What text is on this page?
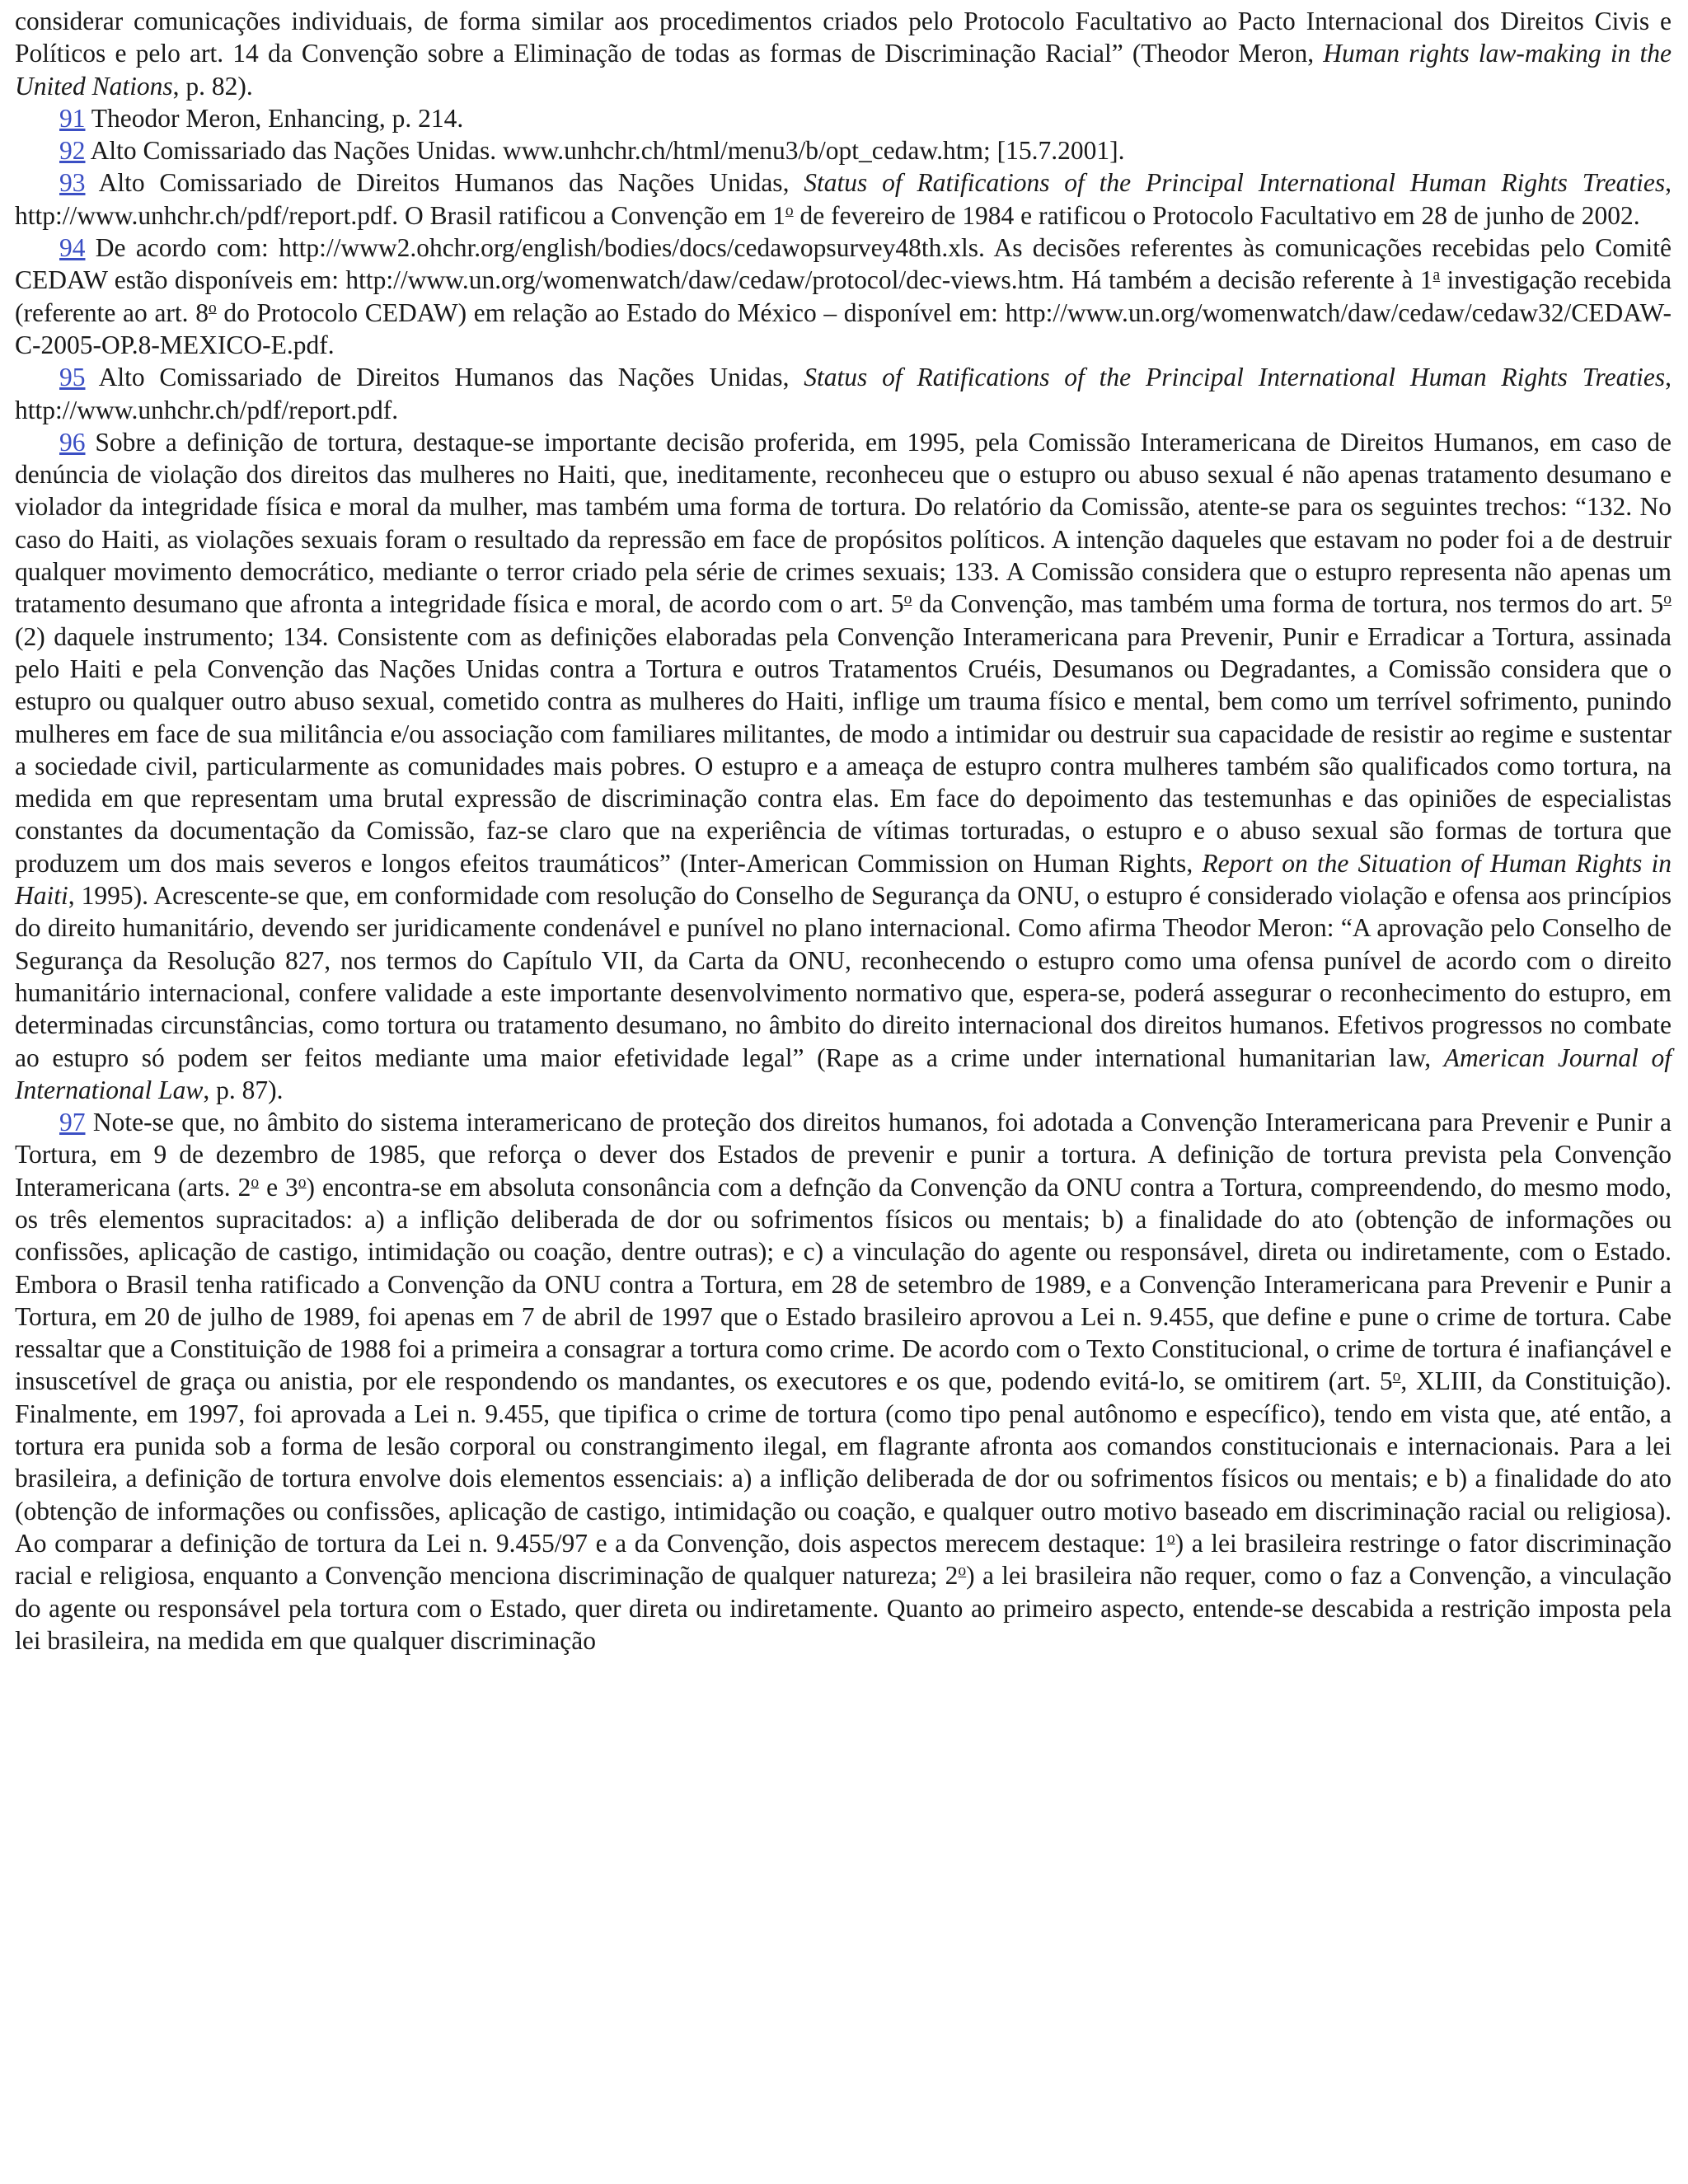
considerar comunicações individuais, de forma similar aos procedimentos criados pelo Protocolo Facultativo ao Pacto Internacional dos Direitos Civis e Políticos e pelo art. 14 da Convenção sobre a Eliminação de todas as formas de Discriminação Racial” (Theodor Meron, Human rights law-making in the United Nations, p. 82).

91 Theodor Meron, Enhancing, p. 214.

92 Alto Comissariado das Nações Unidas. www.unhchr.ch/html/menu3/b/opt_cedaw.htm; [15.7.2001].

93 Alto Comissariado de Direitos Humanos das Nações Unidas, Status of Ratifications of the Principal International Human Rights Treaties, http://www.unhchr.ch/pdf/report.pdf. O Brasil ratificou a Convenção em 1$^o$ de fevereiro de 1984 e ratificou o Protocolo Facultativo em 28 de junho de 2002.

94 De acordo com: http://www2.ohchr.org/english/bodies/docs/cedawopsurvey48th.xls. As decisões referentes às comunicações recebidas pelo Comitê CEDAW estão disponíveis em: http://www.un.org/womenwatch/daw/cedaw/protocol/dec-views.htm. Há também a decisão referente à 1$^a$ investigação recebida (referente ao art. 8$^o$ do Protocolo CEDAW) em relação ao Estado do México – disponível em: http://www.un.org/womenwatch/daw/cedaw/cedaw32/CEDAW-C-2005-OP.8-MEXICO-E.pdf.

95 Alto Comissariado de Direitos Humanos das Nações Unidas, Status of Ratifications of the Principal International Human Rights Treaties, http://www.unhchr.ch/pdf/report.pdf.

96 Sobre a definição de tortura, destaque-se importante decisão proferida, em 1995, pela Comissão Interamericana de Direitos Humanos, em caso de denúncia de violação dos direitos das mulheres no Haiti, que, ineditamente, reconheceu que o estupro ou abuso sexual é não apenas tratamento desumano e violador da integridade física e moral da mulher, mas também uma forma de tortura. Do relatório da Comissão, atente-se para os seguintes trechos: “132. No caso do Haiti, as violações sexuais foram o resultado da repressão em face de propósitos políticos. A intenção daqueles que estavam no poder foi a de destruir qualquer movimento democrático, mediante o terror criado pela série de crimes sexuais; 133. A Comissão considera que o estupro representa não apenas um tratamento desumano que afronta a integridade física e moral, de acordo com o art. 5$^o$ da Convenção, mas também uma forma de tortura, nos termos do art. 5$^o$ (2) daquele instrumento; 134. Consistente com as definições elaboradas pela Convenção Interamericana para Prevenir, Punir e Erradicar a Tortura, assinada pelo Haiti e pela Convenção das Nações Unidas contra a Tortura e outros Tratamentos Cruéis, Desumanos ou Degradantes, a Comissão considera que o estupro ou qualquer outro abuso sexual, cometido contra as mulheres do Haiti, inflige um trauma físico e mental, bem como um terrível sofrimento, punindo mulheres em face de sua militância e/ou associação com familiares militantes, de modo a intimidar ou destruir sua capacidade de resistir ao regime e sustentar a sociedade civil, particularmente as comunidades mais pobres. O estupro e a ameaça de estupro contra mulheres também são qualificados como tortura, na medida em que representam uma brutal expressão de discriminação contra elas. Em face do depoimento das testemunhas e das opiniões de especialistas constantes da documentação da Comissão, faz-se claro que na experiência de vítimas torturadas, o estupro e o abuso sexual são formas de tortura que produzem um dos mais severos e longos efeitos traumáticos” (Inter-American Commission on Human Rights, Report on the Situation of Human Rights in Haiti, 1995). Acrescente-se que, em conformidade com resolução do Conselho de Segurança da ONU, o estupro é considerado violação e ofensa aos princípios do direito humanitário, devendo ser juridicamente condenável e punível no plano internacional. Como afirma Theodor Meron: “A aprovação pelo Conselho de Segurança da Resolução 827, nos termos do Capítulo VII, da Carta da ONU, reconhecendo o estupro como uma ofensa punível de acordo com o direito humanitário internacional, confere validade a este importante desenvolvimento normativo que, espera-se, poderá assegurar o reconhecimento do estupro, em determinadas circunstâncias, como tortura ou tratamento desumano, no âmbito do direito internacional dos direitos humanos. Efetivos progressos no combate ao estupro só podem ser feitos mediante uma maior efetividade legal” (Rape as a crime under international humanitarian law, American Journal of International Law, p. 87).

97 Note-se que, no âmbito do sistema interamericano de proteção dos direitos humanos, foi adotada a Convenção Interamericana para Prevenir e Punir a Tortura, em 9 de dezembro de 1985, que reforça o dever dos Estados de prevenir e punir a tortura. A definição de tortura prevista pela Convenção Interamericana (arts. 2$^o$ e 3$^o$) encontra-se em absoluta consonância com a defnção da Convenção da ONU contra a Tortura, compreendendo, do mesmo modo, os três elementos supracitados: a) a inflição deliberada de dor ou sofrimentos físicos ou mentais; b) a finalidade do ato (obtenção de informações ou confissões, aplicação de castigo, intimidação ou coação, dentre outras); e c) a vinculação do agente ou responsável, direta ou indiretamente, com o Estado. Embora o Brasil tenha ratificado a Convenção da ONU contra a Tortura, em 28 de setembro de 1989, e a Convenção Interamericana para Prevenir e Punir a Tortura, em 20 de julho de 1989, foi apenas em 7 de abril de 1997 que o Estado brasileiro aprovou a Lei n. 9.455, que define e pune o crime de tortura. Cabe ressaltar que a Constituição de 1988 foi a primeira a consagrar a tortura como crime. De acordo com o Texto Constitucional, o crime de tortura é inafiançável e insuscetível de graça ou anistia, por ele respondendo os mandantes, os executores e os que, podendo evitá-lo, se omitirem (art. 5$^o$, XLIII, da Constituição). Finalmente, em 1997, foi aprovada a Lei n. 9.455, que tipifica o crime de tortura (como tipo penal autônomo e específico), tendo em vista que, até então, a tortura era punida sob a forma de lesão corporal ou constrangimento ilegal, em flagrante afronta aos comandos constitucionais e internacionais. Para a lei brasileira, a definição de tortura envolve dois elementos essenciais: a) a inflição deliberada de dor ou sofrimentos físicos ou mentais; e b) a finalidade do ato (obtenção de informações ou confissões, aplicação de castigo, intimidação ou coação, e qualquer outro motivo baseado em discriminação racial ou religiosa). Ao comparar a definição de tortura da Lei n. 9.455/97 e a da Convenção, dois aspectos merecem destaque: 1$^o$) a lei brasileira restringe o fator discriminação racial e religiosa, enquanto a Convenção menciona discriminação de qualquer natureza; 2$^o$) a lei brasileira não requer, como o faz a Convenção, a vinculação do agente ou responsável pela tortura com o Estado, quer direta ou indiretamente. Quanto ao primeiro aspecto, entende-se descabida a restrição imposta pela lei brasileira, na medida em que qualquer discriminação
